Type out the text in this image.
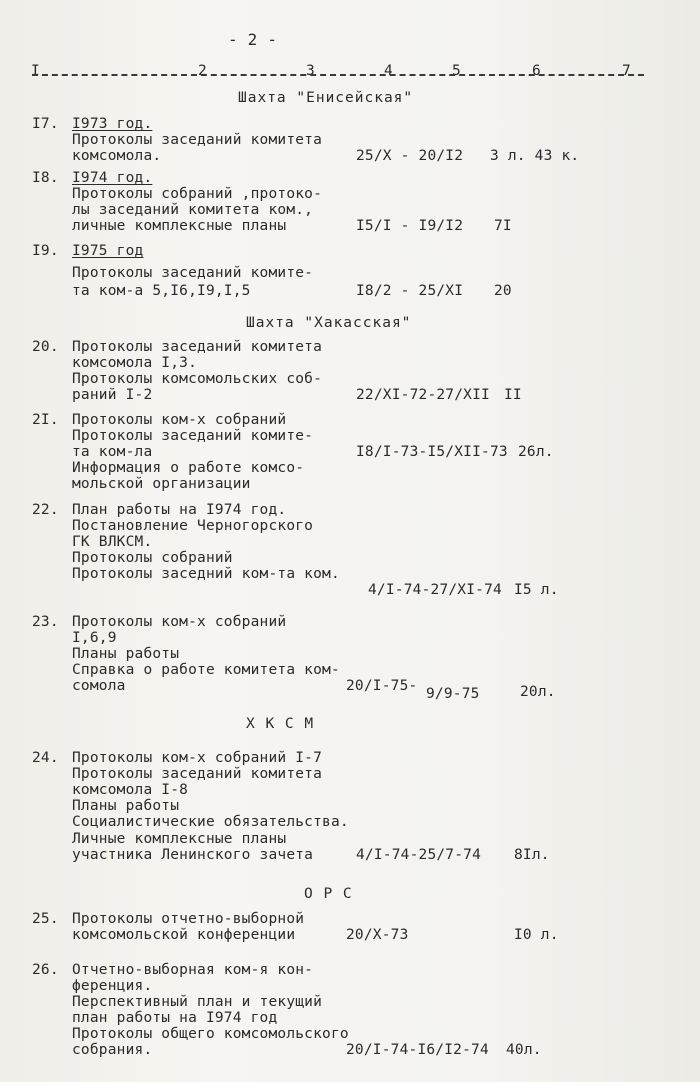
- 2 -
I	2	3	4	5	6	7
Шахта "Енисейская"
I7. I973 год.
Протоколы заседаний комитета
комсомола.	25/X - 20/I2 3 л. 43 к.
I8. I974 год.
Протоколы собраний ,протоко-
лы заседаний комитета ком.,
личные комплексные планы	I5/I - I9/I2 7I
I9. I975 год
Протоколы заседаний комите-
та ком-а 5,I6,I9,I,5	I8/2 - 25/XI 20
Шахта "Хакасская"
20. Протоколы заседаний комитета
комсомола I,3.
Протоколы комсомольских соб-
раний I-2	22/XI-72-27/XII II
2I. Протоколы ком-х собраний
Протоколы заседаний комите-
та ком-ла	I8/I-73-I5/XII-73 26л.
Информация о работе комсо-
мольской организации
22. План работы на I974 год.
Постановление Черногорского
ГК ВЛКСМ.
Протоколы собраний
Протоколы заседний ком-та ком.
4/I-74-27/XI-74 I5 л.
23. Протоколы ком-х собраний
I,6,9
Планы работы
Справка о работе комитета ком-
сомола	20/I-75- 9/9-75	20л.
Х К С М
24. Протоколы ком-х собраний I-7
Протоколы заседаний комитета
комсомола I-8
Планы работы
Социалистические обязательства.
Личные комплексные планы
участника Ленинского зачета	4/I-74-25/7-74 8Iл.
О Р С
25. Протоколы отчетно-выборной
комсомольской конференции	20/X-73	I0 л.
26. Отчетно-выборная ком-я кон-
ференция.
Перспективный план и текущий
план работы на I974 год
Протоколы общего комсомольского
собрания.	20/I-74-I6/I2-74 40л.
